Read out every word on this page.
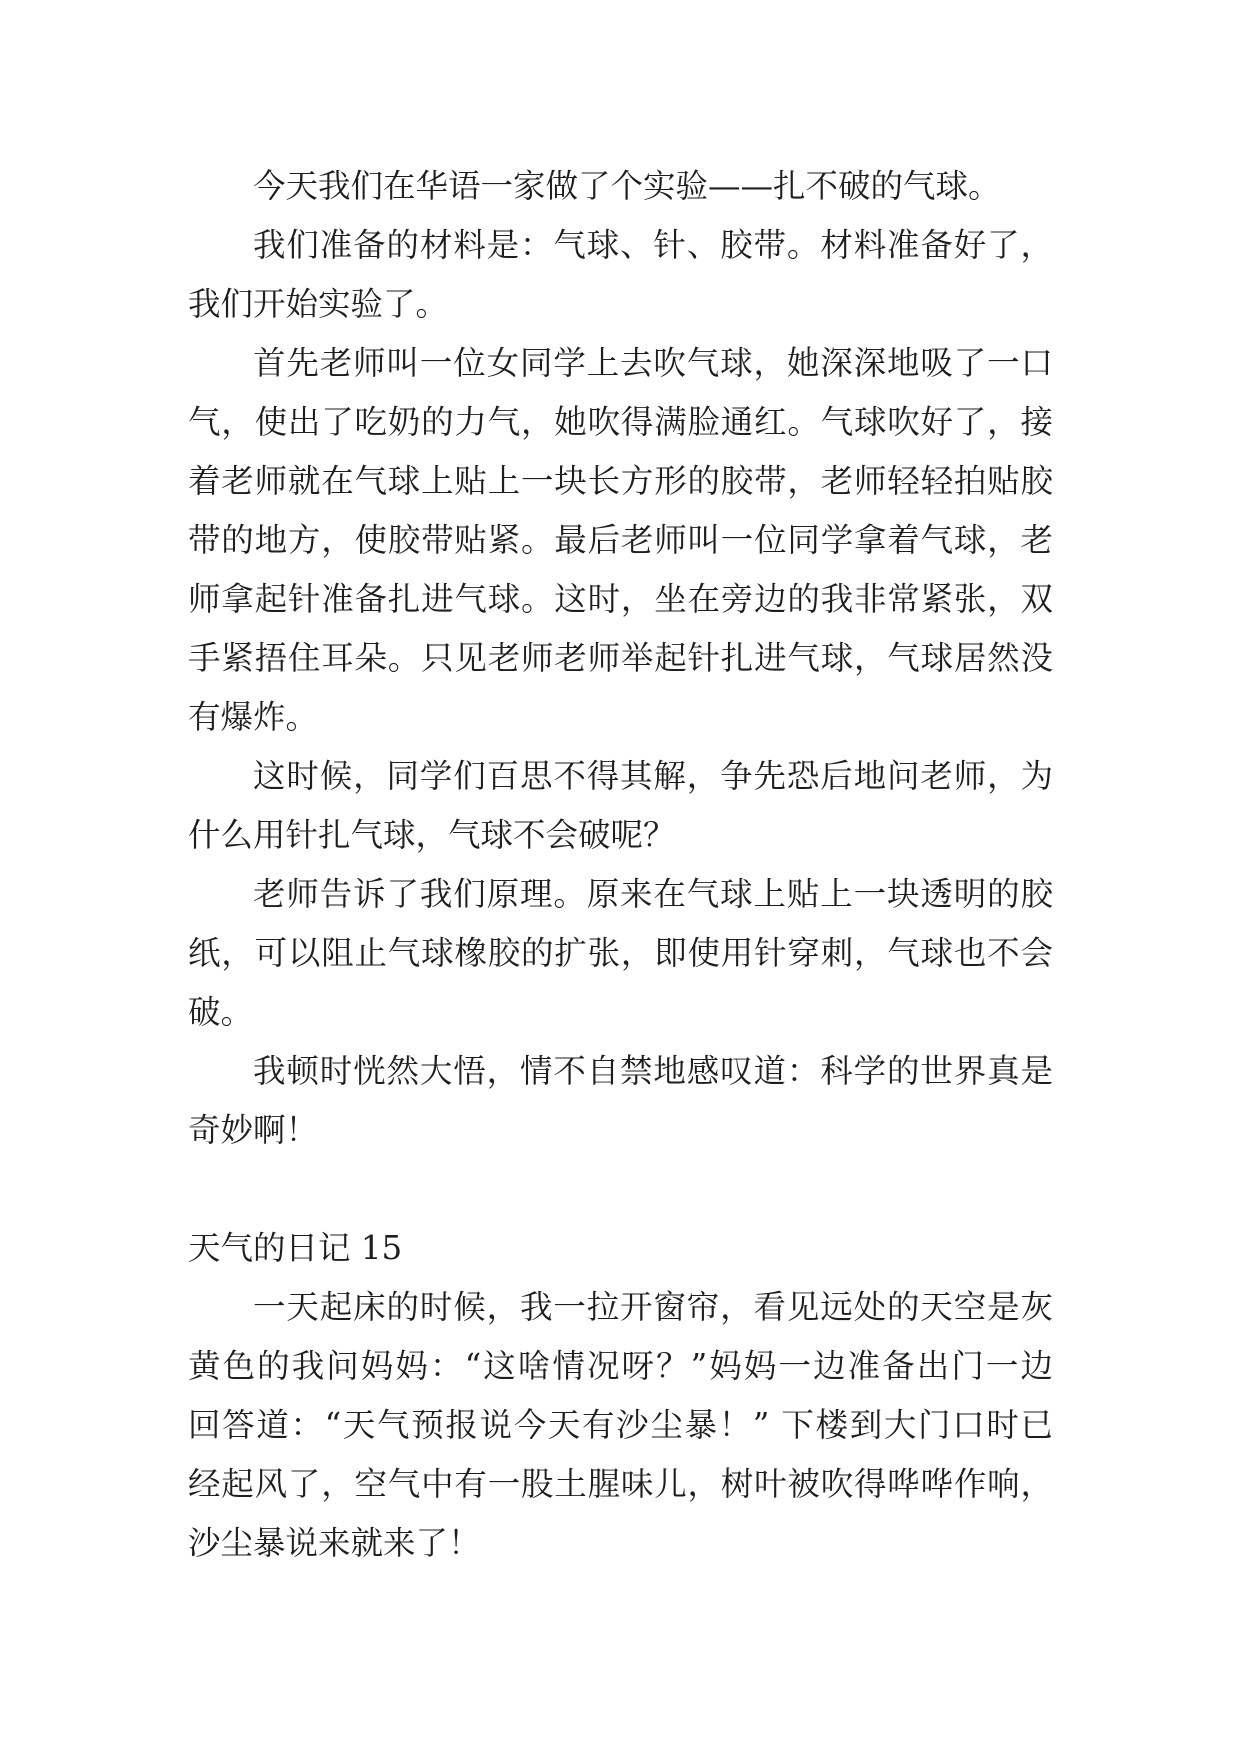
今天我们在华语一家做了个实验——扎不破的气球。
我们准备的材料是：气球、针、胶带。材料准备好了，
我们开始实验了。
首先老师叫一位女同学上去吹气球，她深深地吸了一口
气，使出了吃奶的力气，她吹得满脸通红。气球吹好了，接
着老师就在气球上贴上一块长方形的胶带，老师轻轻拍贴胶
带的地方，使胶带贴紧。最后老师叫一位同学拿着气球，老
师拿起针准备扎进气球。这时，坐在旁边的我非常紧张，双
手紧捂住耳朵。只见老师老师举起针扎进气球，气球居然没
有爆炸。
这时候，同学们百思不得其解，争先恐后地问老师，为
什么用针扎气球，气球不会破呢？
老师告诉了我们原理。原来在气球上贴上一块透明的胶
纸，可以阻止气球橡胶的扩张，即使用针穿刺，气球也不会
破。
我顿时恍然大悟，情不自禁地感叹道：科学的世界真是
奇妙啊！
天气的日记 15
一天起床的时候，我一拉开窗帘，看见远处的天空是灰
黄色的我问妈妈：“这啥情况呀？”妈妈一边准备出门一边
回答道：“天气预报说今天有沙尘暴！” 下楼到大门口时已
经起风了，空气中有一股土腥味儿，树叶被吹得哗哗作响，
沙尘暴说来就来了！
